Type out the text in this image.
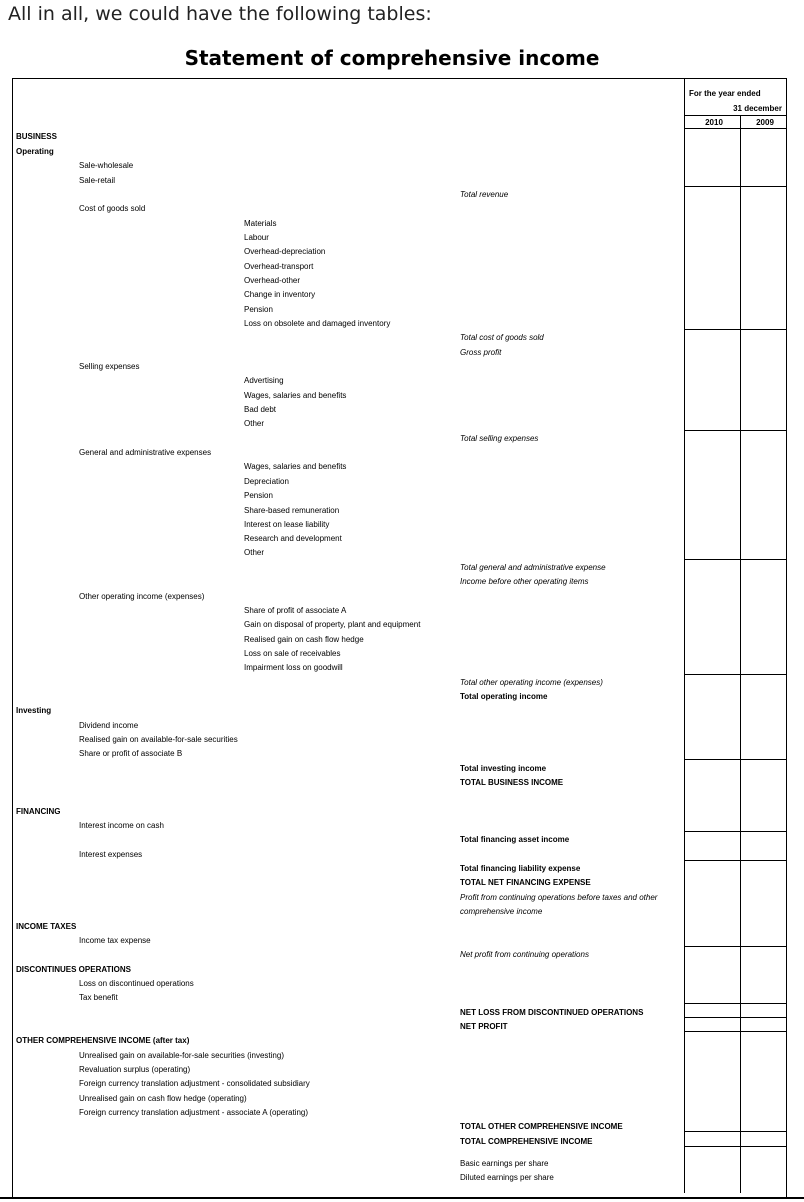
All in all, we could have the following tables:
Statement of comprehensive income
For the year ended
31 december
2010	2009
BUSINESS
Operating
Sale-wholesale
Sale-retail
Total revenue
Cost of goods sold
Materials
Labour
Overhead-depreciation
Overhead-transport
Overhead-other
Change in inventory
Pension
Loss on obsolete and damaged inventory
Total cost of goods sold
Gross profit
Selling expenses
Advertising
Wages, salaries and benefits
Bad debt
Other
Total selling expenses
General and administrative expenses
Wages, salaries and benefits
Depreciation
Pension
Share-based remuneration
Interest on lease liability
Research and development
Other
Total general and administrative expense
Income before other operating items
Other operating income (expenses)
Share of profit of associate A
Gain on disposal of property, plant and equipment
Realised gain on cash flow hedge
Loss on sale of receivables
Impairment loss on goodwill
Total other operating income (expenses)
Total operating income
Investing
Dividend income
Realised gain on available-for-sale securities
Share or profit of associate B
Total investing income
TOTAL BUSINESS INCOME
FINANCING
Interest income on cash
Total financing asset income
Interest expenses
Total financing liability expense
TOTAL NET FINANCING EXPENSE
Profit from continuing operations before taxes and other
comprehensive income
INCOME TAXES
Income tax expense
Net profit from continuing operations
DISCONTINUES OPERATIONS
Loss on discontinued operations
Tax benefit
NET LOSS FROM DISCONTINUED OPERATIONS
NET PROFIT
OTHER COMPREHENSIVE INCOME (after tax)
Unrealised gain on available-for-sale securities (investing)
Revaluation surplus (operating)
Foreign currency translation adjustment - consolidated subsidiary
Unrealised gain on cash flow hedge (operating)
Foreign currency translation adjustment - associate A (operating)
TOTAL OTHER COMPREHENSIVE INCOME
TOTAL COMPREHENSIVE INCOME
Basic earnings per share
Diluted earnings per share
